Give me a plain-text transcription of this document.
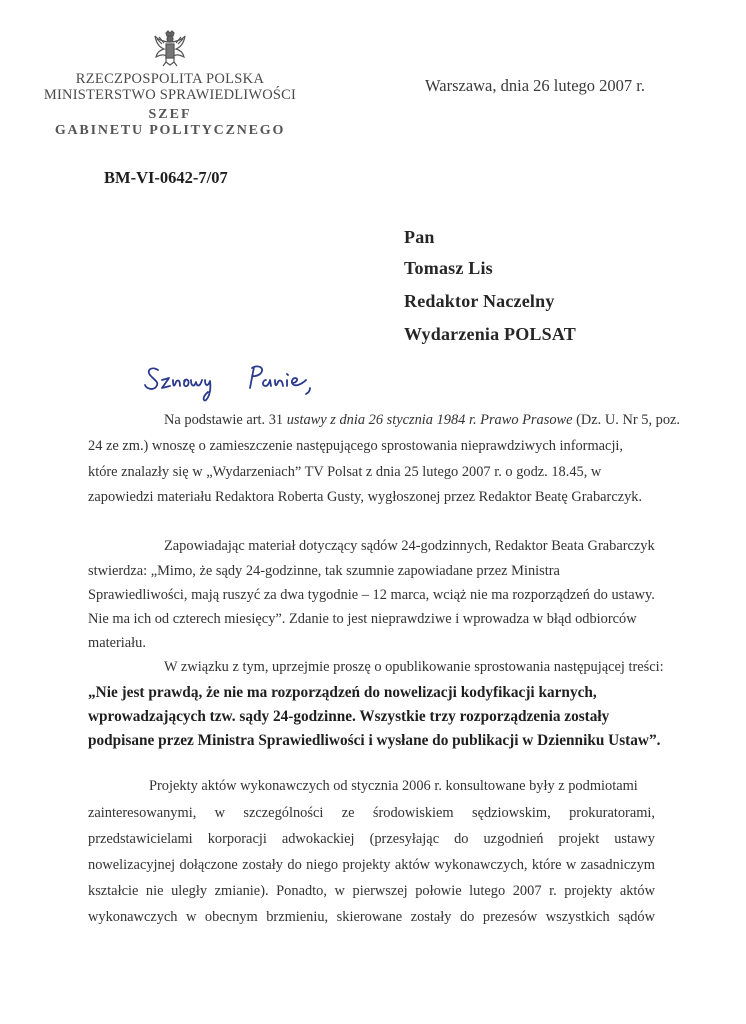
RZECZPOSPOLITA POLSKA
MINISTERSTWO SPRAWIEDLIWOŚCI
SZEF
GABINETU POLITYCZNEGO
Warszawa, dnia 26 lutego 2007 r.
BM-VI-0642-7/07
Pan
Tomasz Lis
Redaktor Naczelny
Wydarzenia POLSAT
Na podstawie art. 31 ustawy z dnia 26 stycznia 1984 r. Prawo Prasowe (Dz. U. Nr 5, poz.
24 ze zm.) wnoszę o zamieszczenie następującego sprostowania nieprawdziwych informacji,
które znalazły się w „Wydarzeniach” TV Polsat z dnia 25 lutego 2007 r. o godz. 18.45, w
zapowiedzi materiału Redaktora Roberta Gusty, wygłoszonej przez Redaktor Beatę Grabarczyk.
Zapowiadając materiał dotyczący sądów 24-godzinnych, Redaktor Beata Grabarczyk
stwierdza: „Mimo, że sądy 24-godzinne, tak szumnie zapowiadane przez Ministra
Sprawiedliwości, mają ruszyć za dwa tygodnie – 12 marca, wciąż nie ma rozporządzeń do ustawy.
Nie ma ich od czterech miesięcy”. Zdanie to jest nieprawdziwe i wprowadza w błąd odbiorców
materiału.
W związku z tym, uprzejmie proszę o opublikowanie sprostowania następującej treści:
„Nie jest prawdą, że nie ma rozporządzeń do nowelizacji kodyfikacji karnych,
wprowadzających tzw. sądy 24-godzinne. Wszystkie trzy rozporządzenia zostały
podpisane przez Ministra Sprawiedliwości i wysłane do publikacji w Dzienniku Ustaw”.
Projekty aktów wykonawczych od stycznia 2006 r. konsultowane były z podmiotami
zainteresowanymi, w szczególności ze środowiskiem sędziowskim, prokuratorami,
przedstawicielami korporacji adwokackiej (przesyłając do uzgodnień projekt ustawy
nowelizacyjnej dołączone zostały do niego projekty aktów wykonawczych, które w zasadniczym
kształcie nie uległy zmianie). Ponadto, w pierwszej połowie lutego 2007 r. projekty aktów
wykonawczych w obecnym brzmieniu, skierowane zostały do prezesów wszystkich sądów
